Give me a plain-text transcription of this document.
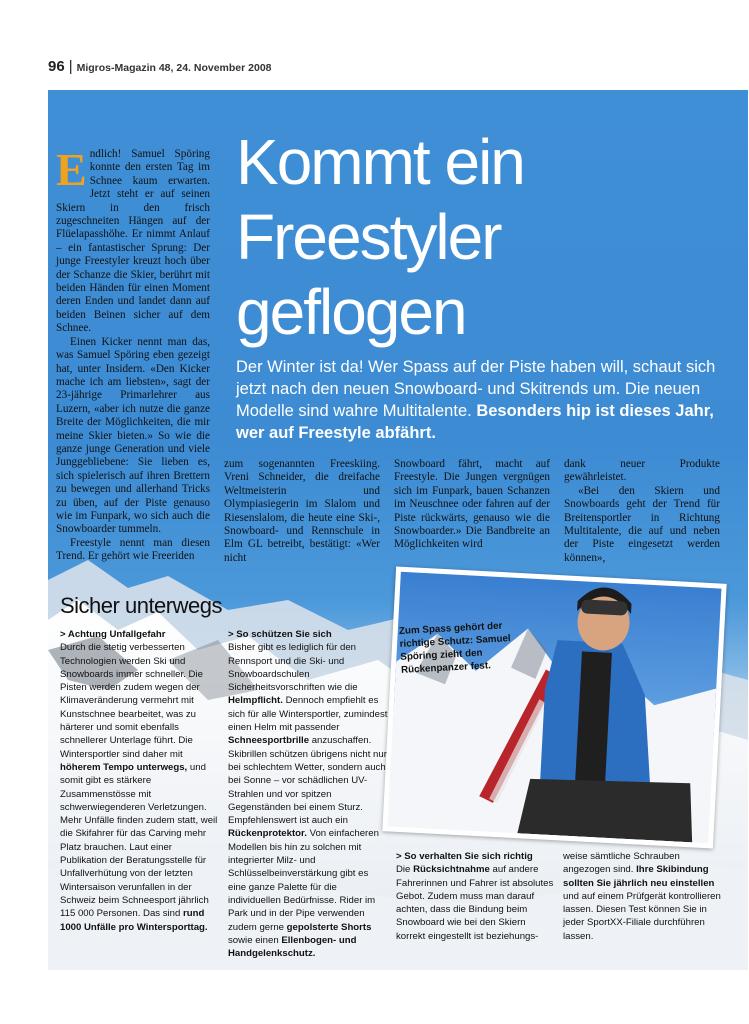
96 | Migros-Magazin 48, 24. November 2008

Endlich! Samuel Spöring konnte den ersten Tag im Schnee kaum erwarten. Jetzt steht er auf seinen Skiern in den frisch zugeschneiten Hängen auf der Flüelapasshöhe. Er nimmt Anlauf – ein fantastischer Sprung: Der junge Freestyler kreuzt hoch über der Schanze die Skier, berührt mit beiden Händen für einen Moment deren Enden und landet dann auf beiden Beinen sicher auf dem Schnee.

Einen Kicker nennt man das, was Samuel Spöring eben gezeigt hat, unter Insidern. «Den Kicker mache ich am liebsten», sagt der 23-jährige Primarlehrer aus Luzern, «aber ich nutze die ganze Breite der Möglichkeiten, die mir meine Skier bieten.» So wie die ganze junge Generation und viele Junggebliebene: Sie lieben es, sich spielerisch auf ihren Brettern zu bewegen und allerhand Tricks zu üben, auf der Piste genauso wie im Funpark, wo sich auch die Snowboarder tummeln.

Freestyle nennt man diesen Trend. Er gehört wie Freeriden

Kommt ein
Freestyler
geflogen
Der Winter ist da! Wer Spass auf der Piste haben will, schaut sich jetzt nach den neuen Snowboard- und Skitrends um. Die neuen Modelle sind wahre Multitalente. Besonders hip ist dieses Jahr, wer auf Freestyle abfährt.

zum sogenannten Freeskiing. Vreni Schneider, die dreifache Weltmeisterin und Olympiasiegerin im Slalom und Riesenslalom, die heute eine Ski-, Snowboard- und Rennschule in Elm GL betreibt, bestätigt: «Wer nicht

Snowboard fährt, macht auf Freestyle. Die Jungen vergnügen sich im Funpark, bauen Schanzen im Neuschnee oder fahren auf der Piste rückwärts, genauso wie die Snowboarder.» Die Bandbreite an Möglichkeiten wird

dank neuer Produkte gewährleistet.

«Bei den Skiern und Snowboards geht der Trend für Breitensportler in Richtung Multitalente, die auf und neben der Piste eingesetzt werden können»,

Zum Spass gehört der richtige Schutz: Samuel Spöring zieht den Rückenpanzer fest.
Sicher unterwegs

> Achtung Unfallgefahr

Durch die stetig verbesserten Technologien werden Ski und Snowboards immer schneller. Die Pisten werden zudem wegen der Klimaveränderung vermehrt mit Kunstschnee bearbeitet, was zu härterer und somit ebenfalls schnellerer Unterlage führt. Die Wintersportler sind daher mit höherem Tempo unterwegs, und somit gibt es stärkere Zusammenstösse mit schwerwiegenderen Verletzungen. Mehr Unfälle finden zudem statt, weil die Skifahrer für das Carving mehr Platz brauchen. Laut einer Publikation der Beratungsstelle für Unfallverhütung von der letzten Wintersaison verunfallen in der Schweiz beim Schneesport jährlich 115 000 Personen. Das sind rund 1000 Unfälle pro Wintersporttag.

> So schützen Sie sich

Bisher gibt es lediglich für den Rennsport und die Ski- und Snowboardschulen Sicherheitsvorschriften wie die Helmpflicht. Dennoch empfiehlt es sich für alle Wintersportler, zumindest einen Helm mit passender Schneesportbrille anzuschaffen. Skibrillen schützen übrigens nicht nur bei schlechtem Wetter, sondern auch bei Sonne – vor schädlichen UV-Strahlen und vor spitzen Gegenständen bei einem Sturz. Empfehlenswert ist auch ein Rückenprotektor. Von einfacheren Modellen bis hin zu solchen mit integrierter Milz- und Schlüsselbeinverstärkung gibt es eine ganze Palette für die individuellen Bedürfnisse. Rider im Park und in der Pipe verwenden zudem gerne gepolsterte Shorts sowie einen Ellenbogen- und Handgelenkschutz.

> So verhalten Sie sich richtig

Die Rücksichtnahme auf andere Fahrerinnen und Fahrer ist absolutes Gebot. Zudem muss man darauf achten, dass die Bindung beim Snowboard wie bei den Skiern korrekt eingestellt ist beziehungs-

weise sämtliche Schrauben angezogen sind. Ihre Skibindung sollten Sie jährlich neu einstellen und auf einem Prüfgerät kontrollieren lassen. Diesen Test können Sie in jeder SportXX-Filiale durchführen lassen.
